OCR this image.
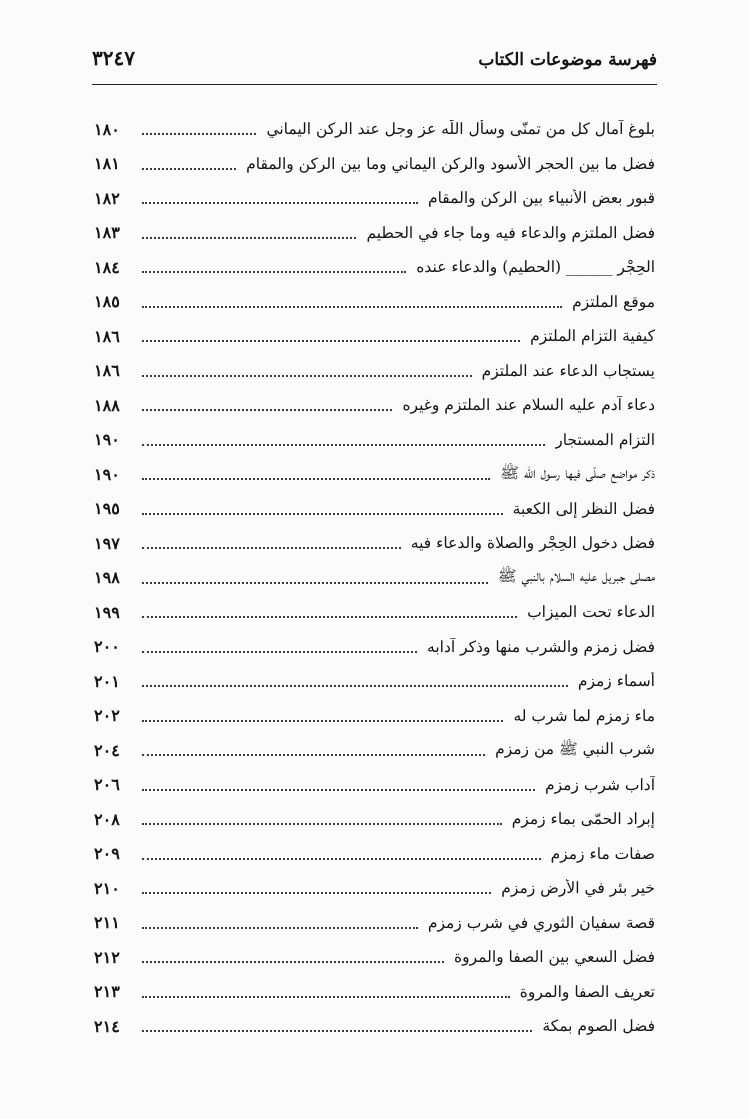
فهرسة موضوعات الكتاب
٣٢٤٧
بلوغ آمال كل من تمنّى وسأل اللّٰه عز وجل عند الركن اليماني
١٨٠
فضل ما بين الحجر الأسود والركن اليماني وما بين الركن والمقام
١٨١
قبور بعض الأنبياء بين الركن والمقام
١٨٢
فضل الملتزم والدعاء فيه وما جاء في الحطيم
١٨٣
الحِجْر ______ (الحطيم) والدعاء عنده
١٨٤
موقع الملتزم
١٨٥
كيفية التزام الملتزم
١٨٦
يستجاب الدعاء عند الملتزم
١٨٦
دعاء آدم عليه السلام عند الملتزم وغيره
١٨٨
التزام المستجار
١٩٠
ذكر مواضع صلّى فيها رسول اللّٰه ﷺ
١٩٠
فضل النظر إلى الكعبة
١٩٥
فضل دخول الحِجْر والصلاة والدعاء فيه
١٩٧
مصلى جبريل عليه السلام بالنبي ﷺ
١٩٨
الدعاء تحت الميزاب
١٩٩
فضل زمزم والشرب منها وذكر آدابه
٢٠٠
أسماء زمزم
٢٠١
ماء زمزم لما شرب له
٢٠٢
شرب النبي ﷺ من زمزم
٢٠٤
آداب شرب زمزم
٢٠٦
إبراد الحمّى بماء زمزم
٢٠٨
صفات ماء زمزم
٢٠٩
خير بئر في الأرض زمزم
٢١٠
قصة سفيان الثوري في شرب زمزم
٢١١
فضل السعي بين الصفا والمروة
٢١٢
تعريف الصفا والمروة
٢١٣
فضل الصوم بمكة
٢١٤
